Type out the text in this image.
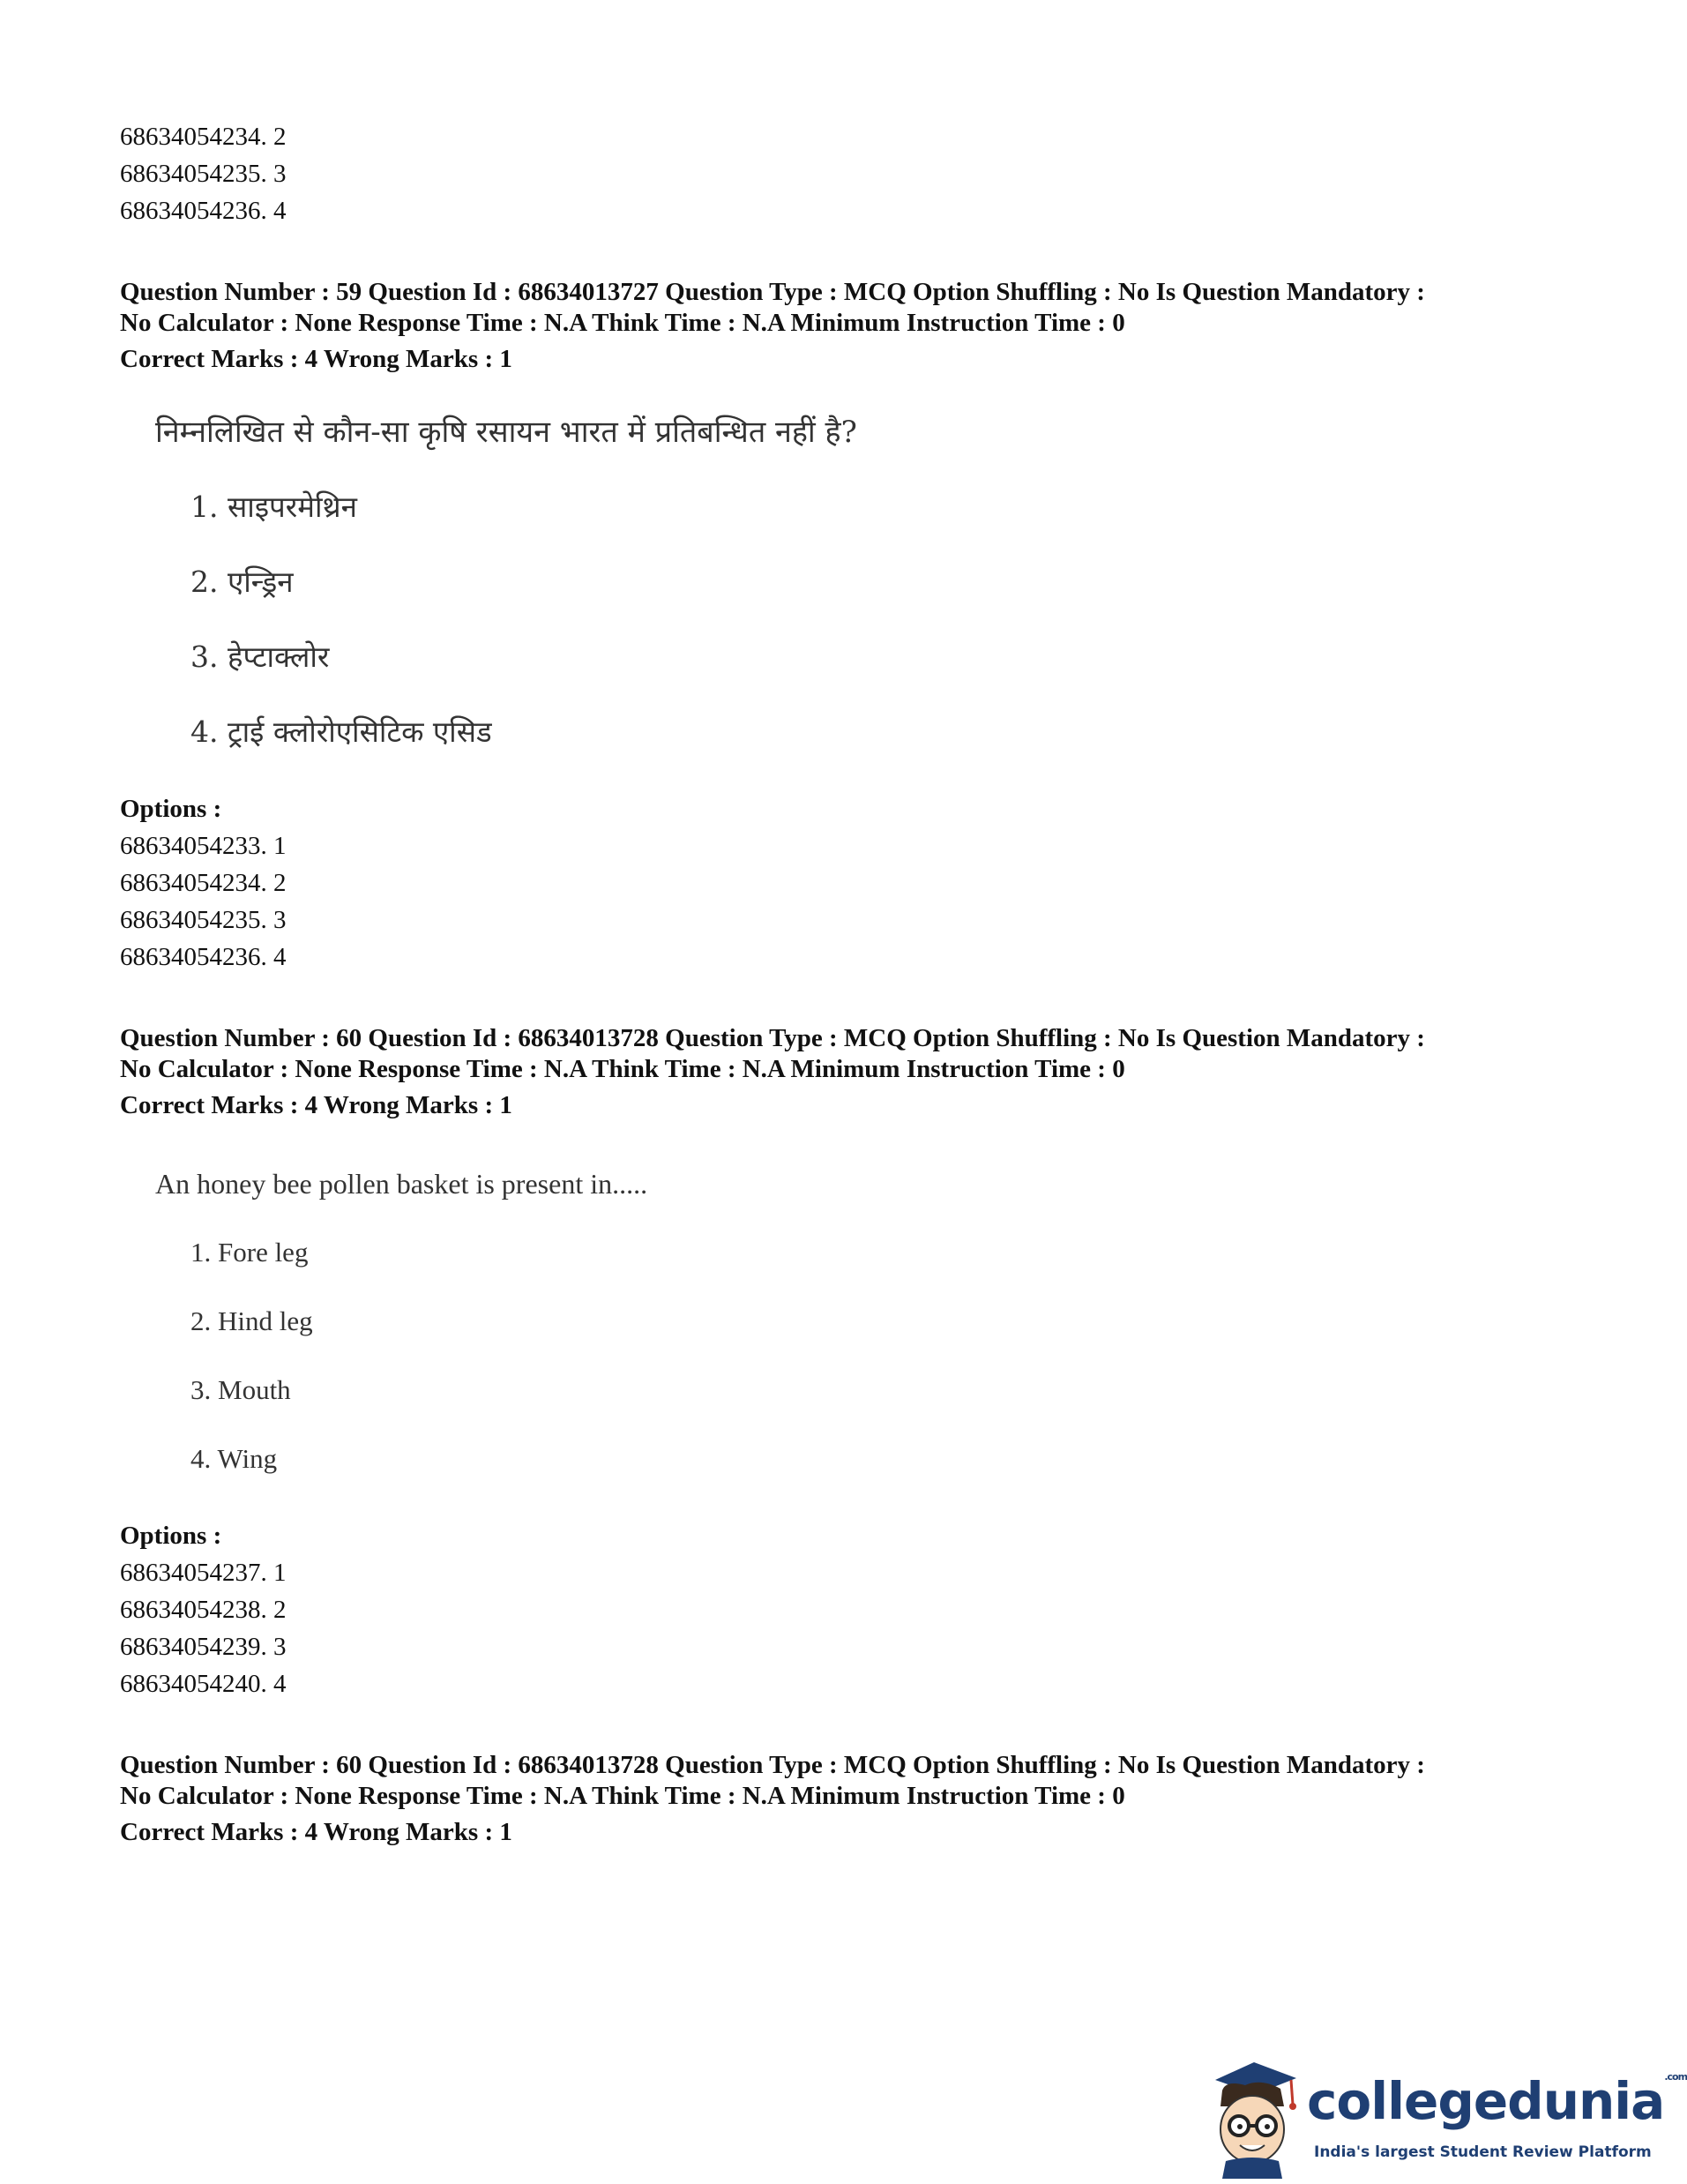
68634054234. 2
68634054235. 3
68634054236. 4
Question Number : 59 Question Id : 68634013727 Question Type : MCQ Option Shuffling : No Is Question Mandatory :
No Calculator : None Response Time : N.A Think Time : N.A Minimum Instruction Time : 0
Correct Marks : 4 Wrong Marks : 1
निम्नलिखित से कौन-सा कृषि रसायन भारत में प्रतिबन्धित नहीं है?
1. साइपरमेथ्रिन
2. एन्ड्रिन
3. हेप्टाक्लोर
4. ट्राई क्लोरोएसिटिक एसिड
Options :
68634054233. 1
68634054234. 2
68634054235. 3
68634054236. 4
Question Number : 60 Question Id : 68634013728 Question Type : MCQ Option Shuffling : No Is Question Mandatory :
No Calculator : None Response Time : N.A Think Time : N.A Minimum Instruction Time : 0
Correct Marks : 4 Wrong Marks : 1
An honey bee pollen basket is present in.....
1. Fore leg
2. Hind leg
3. Mouth
4. Wing
Options :
68634054237. 1
68634054238. 2
68634054239. 3
68634054240. 4
Question Number : 60 Question Id : 68634013728 Question Type : MCQ Option Shuffling : No Is Question Mandatory :
No Calculator : None Response Time : N.A Think Time : N.A Minimum Instruction Time : 0
Correct Marks : 4 Wrong Marks : 1
collegedunia$^{.com}$
India's largest Student Review Platform
